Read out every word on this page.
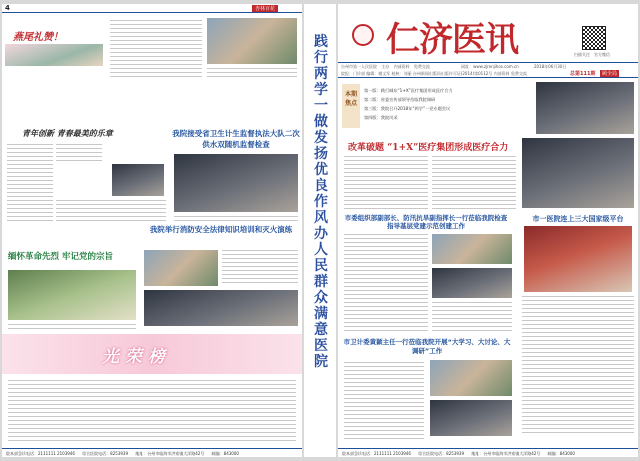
4	杏林百花
燕尾礼赞！
青年创新 青春最美的乐章	我院接受省卫生计生监督执法大队二次供水双随机监督检查
缅怀革命先烈 牢记党的宗旨
我院举行消防安全法律知识培训和灭火演练
光 荣 榜
院本部急诊电话：2111111 2103946 综合医院电话：8253939 地址：台州市临海市洪家镇大洋路42号 邮编：843000
践行两学一做 发扬优良作风 办人民群众满意医院
仁济医讯	扫描关注 官方微信
台州市第一人民医院 主办 内部资料 免费交流	网址：www.zjrenjihos.com.cn	2018年06月30日
院报：门诊部 编辑：谢文军 校核：刘丽 台州新闻出版局出版许可证(2014)第0112号 内部资料 免费交流	总第111期	顾全局
本期
焦点
第一版：践行城东“1+X”医疗集团形成医疗合力
第二版：省委宣传部领导莅临我院调研
第三版：我院召开2018年“两学”一党专题会议
第四版：我院风采
改革破题 “1+X”医疗集团形成医疗合力
市委组织部副部长、防汛抗旱副指挥长一行莅临我院检查指导基层党建示范创建工作
市一医院连上三大国家级平台
市卫计委黄颖主任一行莅临我院开展“大学习、大讨论、大调研”工作
院本部急诊电话：2111111 2103946 综合医院电话：8253939 地址：台州市临海市洪家镇大洋路42号 邮编：843000
